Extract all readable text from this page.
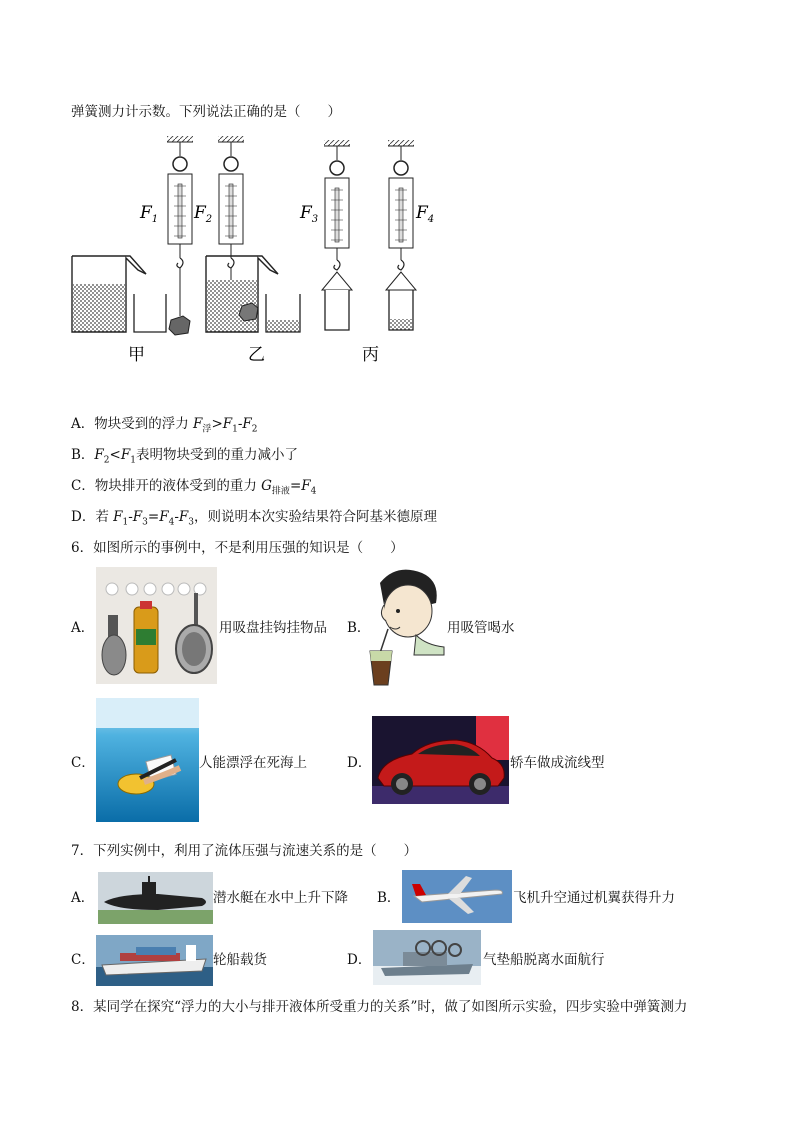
弹簧测力计示数。下列说法正确的是（　　）
$F_1$ $F_2$	$F_3$	$F_4$
甲	乙	丙
A．物块受到的浮力 $F_浮>F_1-F_2$
B．$F_2<F_1$表明物块受到的重力减小了
C．物块排开的液体受到的重力 $G_{排液}=F_4$
D．若 $F_1-F_3=F_4-F_3$，则说明本次实验结果符合阿基米德原理
6．如图所示的事例中，不是利用压强的知识是（　　）
A．	用吸盘挂钩挂物品 B．	用吸管喝水
C．	人能漂浮在死海上	D．	轿车做成流线型
7．下列实例中，利用了流体压强与流速关系的是（　　）
A．	潜水艇在水中上升下降 B．	飞机升空通过机翼获得升力
C．	轮船载货	D．	气垫船脱离水面航行
8．某同学在探究“浮力的大小与排开液体所受重力的关系”时，做了如图所示实验，四步实验中弹簧测力
